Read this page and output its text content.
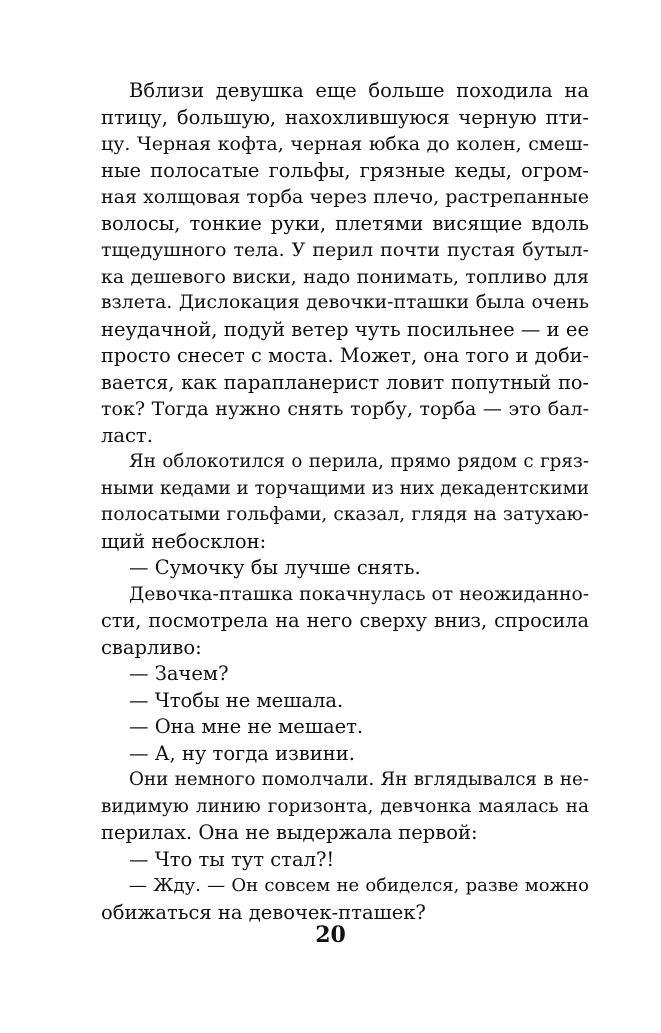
Вблизи девушка еще больше походила на
птицу, большую, нахохлившуюся черную пти-
цу. Черная кофта, черная юбка до колен, смеш-
ные полосатые гольфы, грязные кеды, огром-
ная холщовая торба через плечо, растрепанные
волосы, тонкие руки, плетями висящие вдоль
тщедушного тела. У перил почти пустая бутыл-
ка дешевого виски, надо понимать, топливо для
взлета. Дислокация девочки-пташки была очень
неудачной, подуй ветер чуть посильнее — и ее
просто снесет с моста. Может, она того и доби-
вается, как парапланерист ловит попутный по-
ток? Тогда нужно снять торбу, торба — это бал-
ласт.
Ян облокотился о перила, прямо рядом с гряз-
ными кедами и торчащими из них декадентскими
полосатыми гольфами, сказал, глядя на затухаю-
щий небосклон:
— Сумочку бы лучше снять.
Девочка-пташка покачнулась от неожиданно-
сти, посмотрела на него сверху вниз, спросила
сварливо:
— Зачем?
— Чтобы не мешала.
— Она мне не мешает.
— А, ну тогда извини.
Они немного помолчали. Ян вглядывался в не-
видимую линию горизонта, девчонка маялась на
перилах. Она не выдержала первой:
— Что ты тут стал?!
— Жду. — Он совсем не обиделся, разве можно
обижаться на девочек-пташек?
20
